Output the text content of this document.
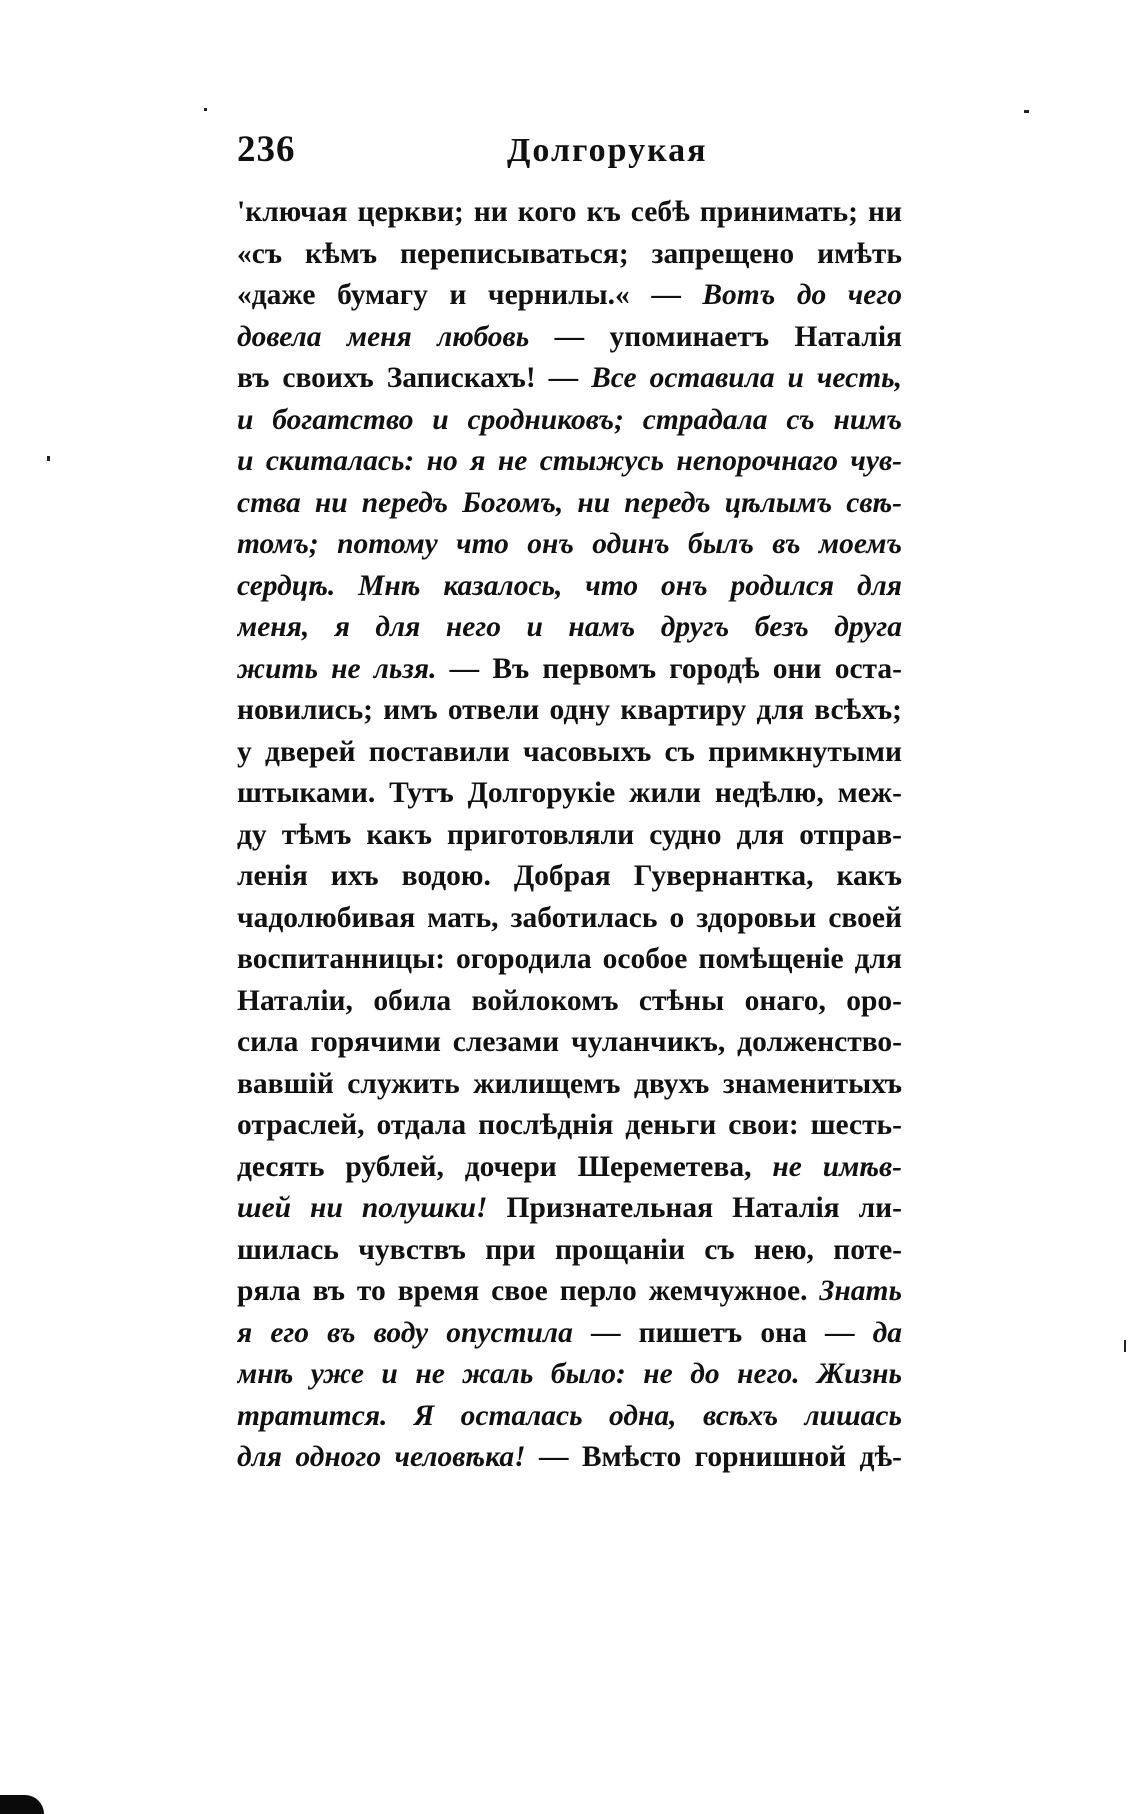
236	Долгорукая
'ключая церкви; ни кого къ себѣ принимать; ни
«съ кѣмъ переписываться; запрещено имѣть
«даже бумагу и чернилы.« — Вотъ до чего
довела меня любовь — упоминаетъ Наталія
въ своихъ Запискахъ! — Все оставила и честь,
и богатство и сродниковъ; страдала съ нимъ
и скиталась: но я не стыжусь непорочнаго чув-
ства ни передъ Богомъ, ни передъ цѣлымъ свѣ-
томъ; потому что онъ одинъ былъ въ моемъ
сердцѣ. Мнѣ казалось, что онъ родился для
меня, я для него и намъ другъ безъ друга
жить не льзя. — Въ первомъ городѣ они оста-
новились; имъ отвели одну квартиру для всѣхъ;
у дверей поставили часовыхъ съ примкнутыми
штыками. Тутъ Долгорукіе жили недѣлю, меж-
ду тѣмъ какъ приготовляли судно для отправ-
ленія ихъ водою. Добрая Гувернантка, какъ
чадолюбивая мать, заботилась о здоровьи своей
воспитанницы: огородила особое помѣщеніе для
Наталіи, обила войлокомъ стѣны онаго, оро-
сила горячими слезами чуланчикъ, долженство-
вавшій служить жилищемъ двухъ знаменитыхъ
отраслей, отдала послѣднія деньги свои: шесть-
десять рублей, дочери Шереметева, не имѣв-
шей ни полушки! Признательная Наталія ли-
шилась чувствъ при прощаніи съ нею, поте-
ряла въ то время свое перло жемчужное. Знать
я его въ воду опустила — пишетъ она — да
мнѣ уже и не жаль было: не до него. Жизнь
тратится. Я осталась одна, всѣхъ лишась
для одного человѣка! — Вмѣсто горнишной дѣ-
